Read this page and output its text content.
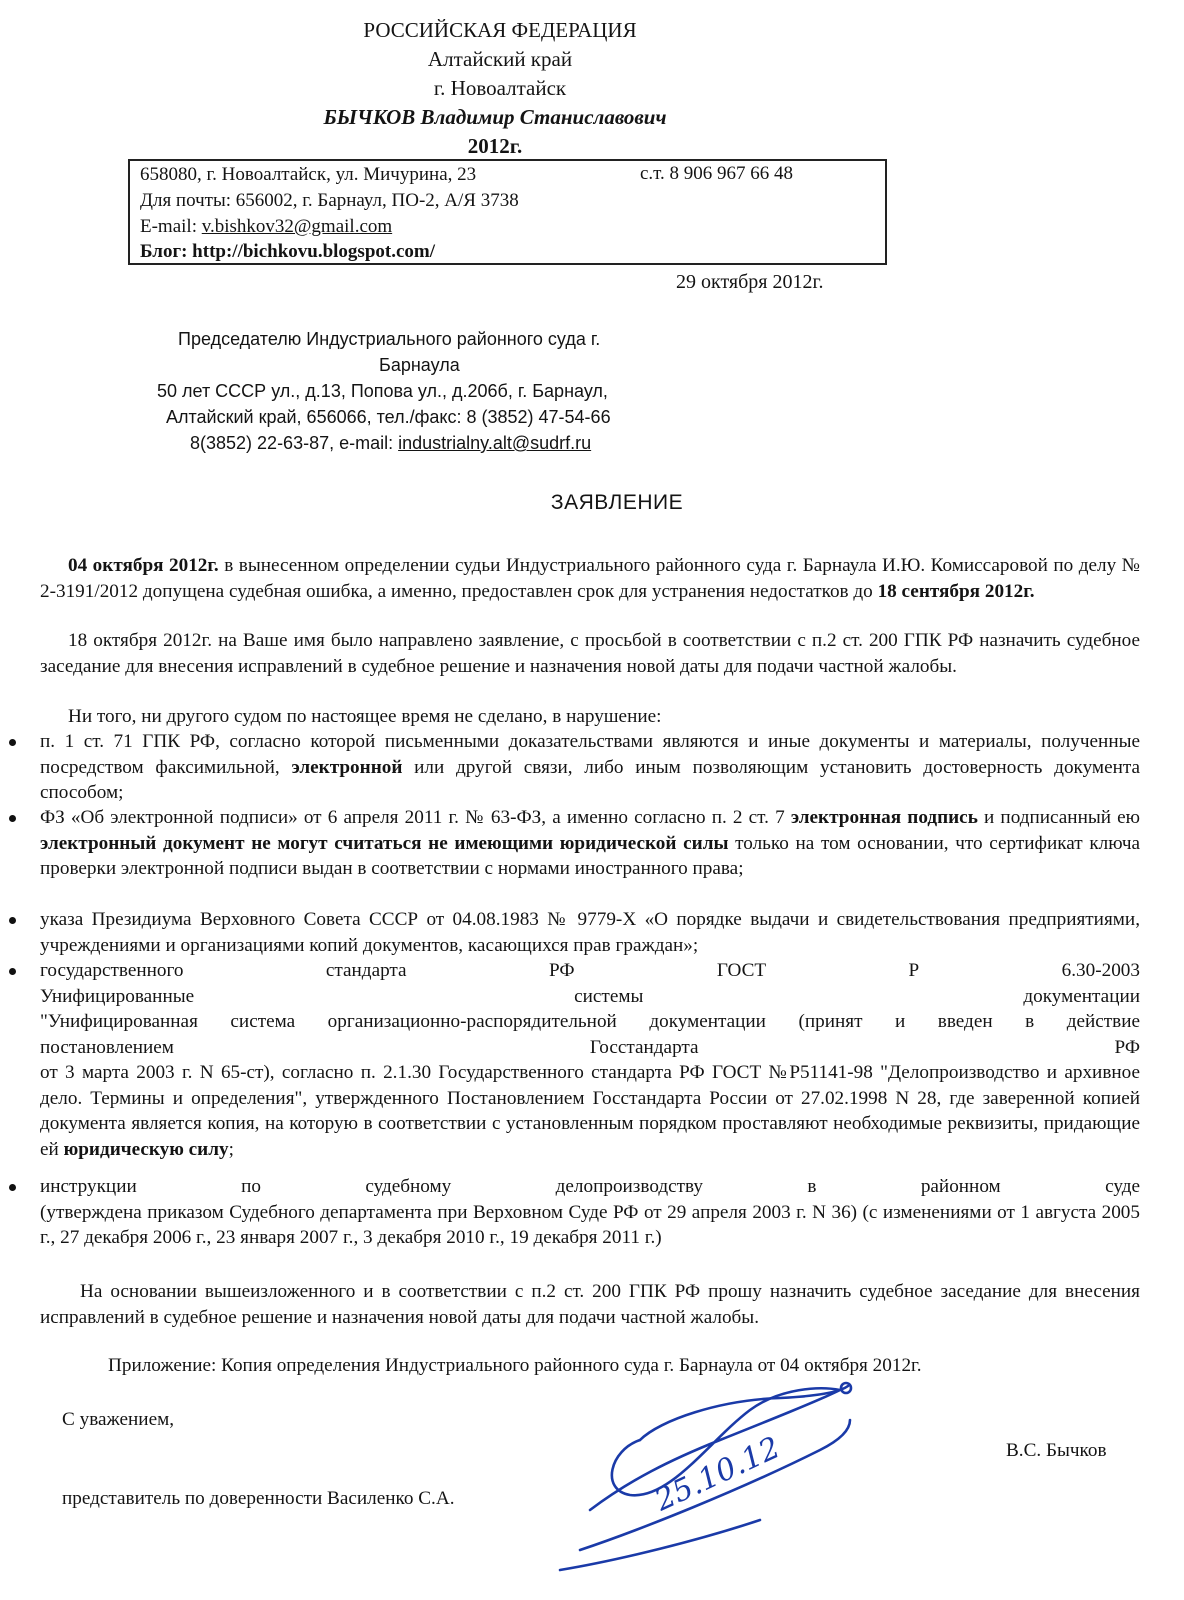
РОССИЙСКАЯ ФЕДЕРАЦИЯ
Алтайский край
г. Новоалтайск
БЫЧКОВ Владимир Станиславович
2012г.
658080, г. Новоалтайск, ул. Мичурина, 23	с.т. 8 906 967 66 48
Для почты: 656002, г. Барнаул, ПО-2, А/Я 3738
E-mail: v.bishkov32@gmail.com
Блог: http://bichkovu.blogspot.com/
29 октября 2012г.
Председателю Индустриального районного суда г.
Барнаула
50 лет СССР ул., д.13, Попова ул., д.206б, г. Барнаул,
Алтайский край, 656066, тел./факс: 8 (3852) 47-54-66
8(3852) 22-63-87, e-mail: industrialny.alt@sudrf.ru
ЗАЯВЛЕНИЕ

04 октября 2012г. в вынесенном определении судьи Индустриального районного суда г. Барнаула И.Ю. Комиссаровой по делу № 2-3191/2012 допущена судебная ошибка, а именно, предоставлен срок для устранения недостатков до 18 сентября 2012г.

18 октября 2012г. на Ваше имя было направлено заявление, с просьбой в соответствии с п.2 ст. 200 ГПК РФ назначить судебное заседание для внесения исправлений в судебное решение и назначения новой даты для подачи частной жалобы.

Ни того, ни другого судом по настоящее время не сделано, в нарушение:

п. 1 ст. 71 ГПК РФ, согласно которой письменными доказательствами являются и иные документы и материалы, полученные посредством факсимильной, электронной или другой связи, либо иным позволяющим установить достоверность документа способом;
ФЗ «Об электронной подписи» от 6 апреля 2011 г. № 63-ФЗ, а именно согласно п. 2 ст. 7 электронная подпись и подписанный ею электронный документ не могут считаться не имеющими юридической силы только на том основании, что сертификат ключа проверки электронной подписи выдан в соответствии с нормами иностранного права;
указа Президиума Верховного Совета СССР от 04.08.1983 № 9779-Х «О порядке выдачи и свидетельствования предприятиями, учреждениями и организациями копий документов, касающихся прав граждан»;
государственного стандарта РФ ГОСТ Р 6.30-2003
Унифицированные системы документации
"Унифицированная система организационно-распорядительной документации (принят и введен в действие
постановлением Госстандарта РФ
от 3 марта 2003 г. N 65-ст), согласно п. 2.1.30 Государственного стандарта РФ ГОСТ №Р51141-98 "Делопроизводство и архивное дело. Термины и определения", утвержденного Постановлением Госстандарта России от 27.02.1998 N 28, где заверенной копией документа является копия, на которую в соответствии с установленным порядком проставляют необходимые реквизиты, придающие ей юридическую силу;
инструкции по судебному делопроизводству в районном суде
(утверждена приказом Судебного департамента при Верховном Суде РФ от 29 апреля 2003 г. N 36) (с изменениями от 1 августа 2005 г., 27 декабря 2006 г., 23 января 2007 г., 3 декабря 2010 г., 19 декабря 2011 г.)

На основании вышеизложенного и в соответствии с п.2 ст. 200 ГПК РФ прошу назначить судебное заседание для внесения исправлений в судебное решение и назначения новой даты для подачи частной жалобы.

Приложение: Копия определения Индустриального районного суда г. Барнаула от 04 октября 2012г.
С уважением,
В.С. Бычков
представитель по доверенности Василенко С.А.	25.10.12
